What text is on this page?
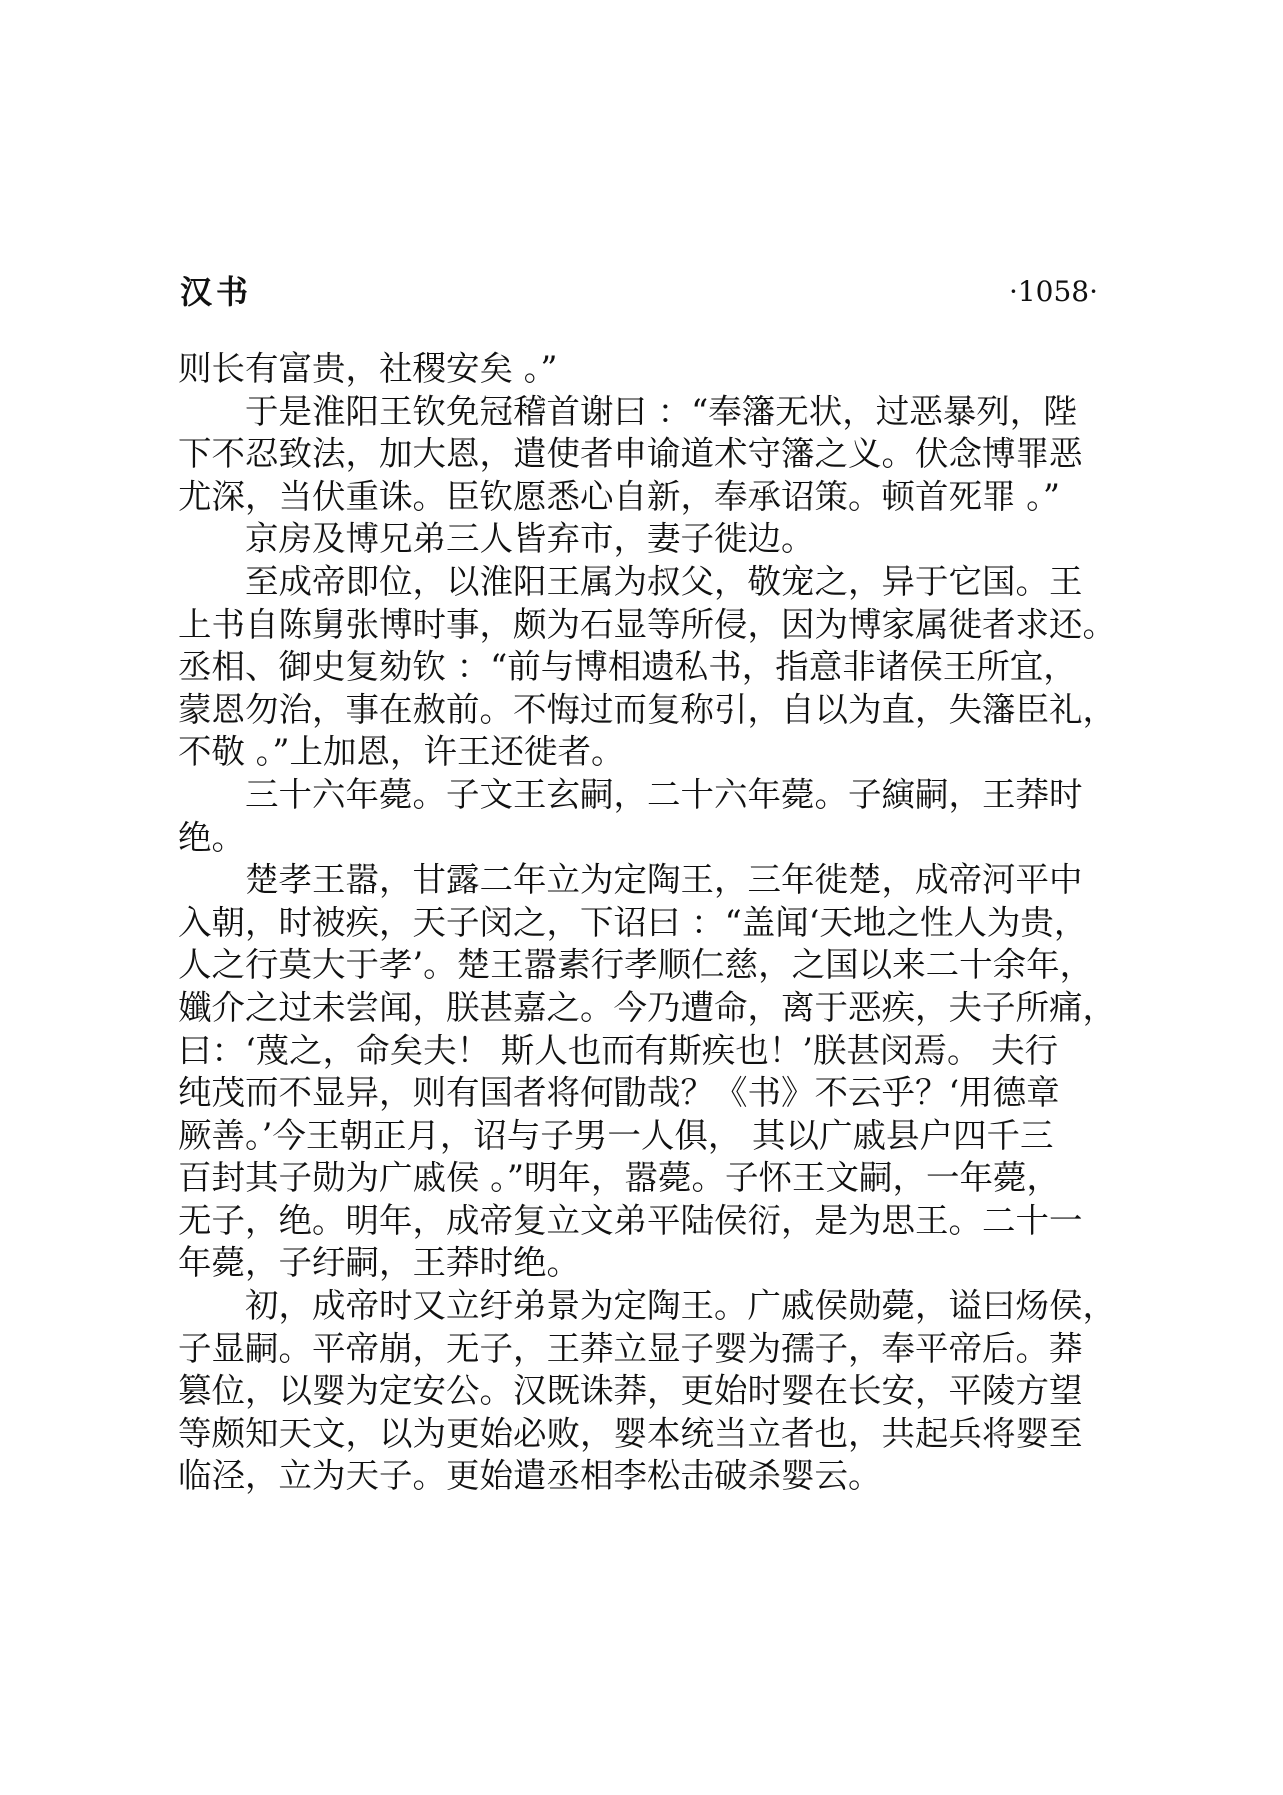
汉书	·1058·
则长有富贵，社稷安矣 。”
于是淮阳王钦免冠稽首谢曰 ：“奉籓无状，过恶暴列，陛
下不忍致法，加大恩，遣使者申谕道术守籓之义。伏念博罪恶
尤深，当伏重诛。臣钦愿悉心自新，奉承诏策。顿首死罪 。”
京房及博兄弟三人皆弃市，妻子徙边。
至成帝即位，以淮阳王属为叔父，敬宠之，异于它国。王
上书自陈舅张博时事，颇为石显等所侵，因为博家属徙者求还。
丞相、御史复劾钦 ：“前与博相遗私书，指意非诸侯王所宜，
蒙恩勿治，事在赦前。不悔过而复称引，自以为直，失籓臣礼，
不敬 。”上加恩，许王还徙者。
三十六年薨。子文王玄嗣，二十六年薨。子縯嗣，王莽时
绝。
楚孝王嚣，甘露二年立为定陶王，三年徙楚，成帝河平中
入朝，时被疾，天子闵之，下诏曰 ：“盖闻‘天地之性人为贵，
人之行莫大于孝’。楚王嚣素行孝顺仁慈，之国以来二十余年，
孅介之过未尝闻，朕甚嘉之。今乃遭命，离于恶疾，夫子所痛，
曰：‘蔑之，命矣夫！ 斯人也而有斯疾也！’朕甚闵焉。 夫行
纯茂而不显异，则有国者将何勖哉？《书》不云乎？‘用德章
厥善。’今王朝正月，诏与子男一人俱， 其以广戚县户四千三
百封其子勋为广戚侯 。”明年，嚣薨。子怀王文嗣，一年薨，
无子，绝。明年，成帝复立文弟平陆侯衍，是为思王。二十一
年薨，子纡嗣，王莽时绝。
初，成帝时又立纡弟景为定陶王。广戚侯勋薨，谥曰炀侯，
子显嗣。平帝崩，无子，王莽立显子婴为孺子，奉平帝后。莽
篡位，以婴为定安公。汉既诛莽，更始时婴在长安，平陵方望
等颇知天文，以为更始必败，婴本统当立者也，共起兵将婴至
临泾，立为天子。更始遣丞相李松击破杀婴云。
